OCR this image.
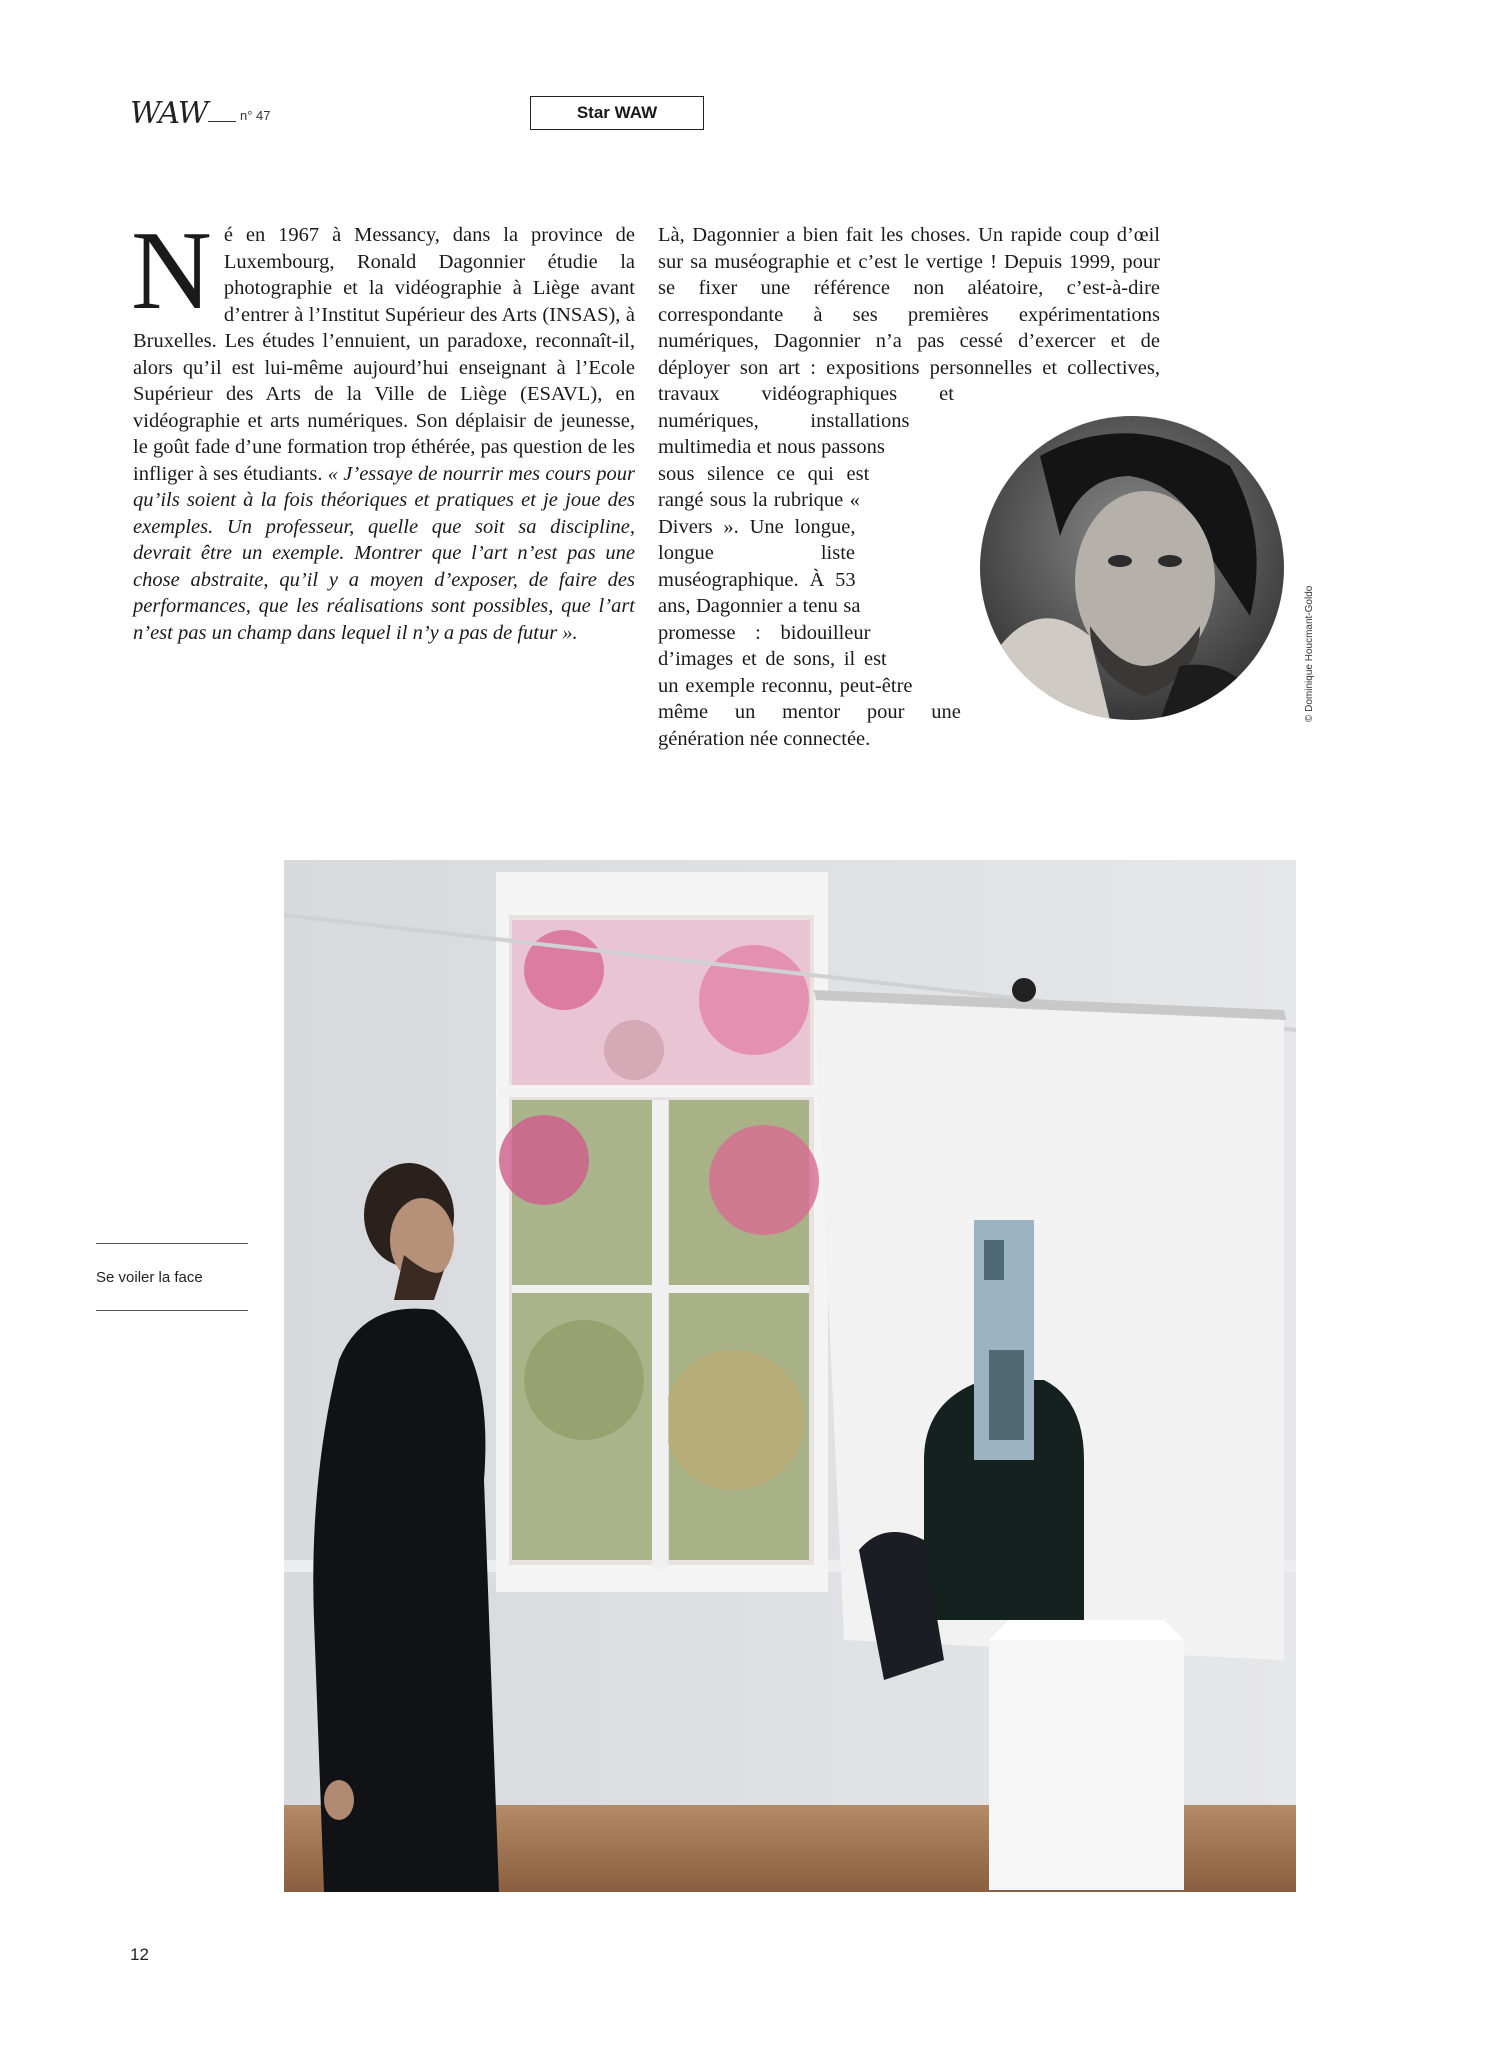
WAW n° 47	Star WAW

N é en 1967 à Messancy, dans la province de Luxembourg, Ronald Dagonnier étudie la photographie et la vidéographie à Liège avant d’entrer à l’Institut Supérieur des Arts (INSAS), à Bruxelles. Les études l’ennuient, un paradoxe, reconnaît-il, alors qu’il est lui-même aujourd’hui enseignant à l’Ecole Supérieur des Arts de la Ville de Liège (ESAVL), en vidéographie et arts numériques. Son déplaisir de jeunesse, le goût fade d’une formation trop éthérée, pas question de les infliger à ses étudiants. « J’essaye de nourrir mes cours pour qu’ils soient à la fois théoriques et pratiques et je joue des exemples. Un professeur, quelle que soit sa discipline, devrait être un exemple. Montrer que l’art n’est pas une chose abstraite, qu’il y a moyen d’exposer, de faire des performances, que les réalisations sont possibles, que l’art n’est pas un champ dans lequel il n’y a pas de futur ».

Là, Dagonnier a bien fait les choses. Un rapide coup d’œil sur sa muséographie et c’est le vertige ! Depuis 1999, pour se fixer une référence non aléatoire, c’est-à-dire correspondante à ses premières expérimentations numériques, Dagonnier n’a pas cessé d’exercer et de déployer son art : expositions personnelles et collectives, travaux vidéographiques et numériques, installations multimedia et nous passons sous silence ce qui est rangé sous la rubrique « Divers ». Une longue, longue liste muséographique. À 53 ans, Dagonnier a tenu sa promesse : bidouilleur d’images et de sons, il est un exemple reconnu, peut-être même un mentor pour une génération née connectée.

© Dominique Houcmant-Goldo
Se voiler la face
12
